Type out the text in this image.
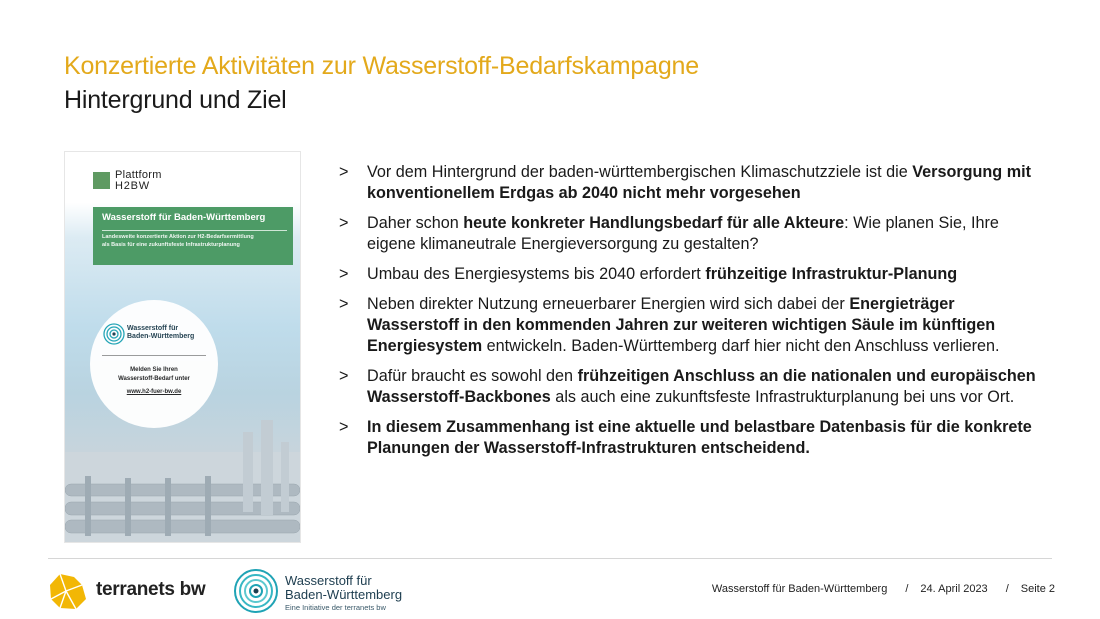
Konzertierte Aktivitäten zur Wasserstoff-Bedarfskampagne
Hintergrund und Ziel
Plattform
H2BW
Wasserstoff für Baden-Württemberg
Landesweite konzertierte Aktion zur H2-Bedarfsermittlung
als Basis für eine zukunftsfeste Infrastrukturplanung
Wasserstoff für
Baden-Württemberg
Melden Sie Ihren
Wasserstoff-Bedarf unter
www.h2-fuer-bw.de
> Vor dem Hintergrund der baden-württembergischen Klimaschutzziele ist die Versorgung mit konventionellem Erdgas ab 2040 nicht mehr vorgesehen
> Daher schon heute konkreter Handlungsbedarf für alle Akteure: Wie planen Sie, Ihre eigene klimaneutrale Energieversorgung zu gestalten?
> Umbau des Energiesystems bis 2040 erfordert frühzeitige Infrastruktur-Planung
> Neben direkter Nutzung erneuerbarer Energien wird sich dabei der Energieträger Wasserstoff in den kommenden Jahren zur weiteren wichtigen Säule im künftigen Energiesystem entwickeln. Baden-Württemberg darf hier nicht den Anschluss verlieren.
> Dafür braucht es sowohl den frühzeitigen Anschluss an die nationalen und europäischen Wasserstoff-Backbones als auch eine zukunftsfeste Infrastrukturplanung bei uns vor Ort.
> In diesem Zusammenhang ist eine aktuelle und belastbare Datenbasis für die konkrete Planungen der Wasserstoff-Infrastrukturen entscheidend.
terranets bw	Wasserstoff für
Baden-Württemberg
Eine Initiative der terranets bw
Wasserstoff für Baden-Württemberg / 24. April 2023 / Seite 2
